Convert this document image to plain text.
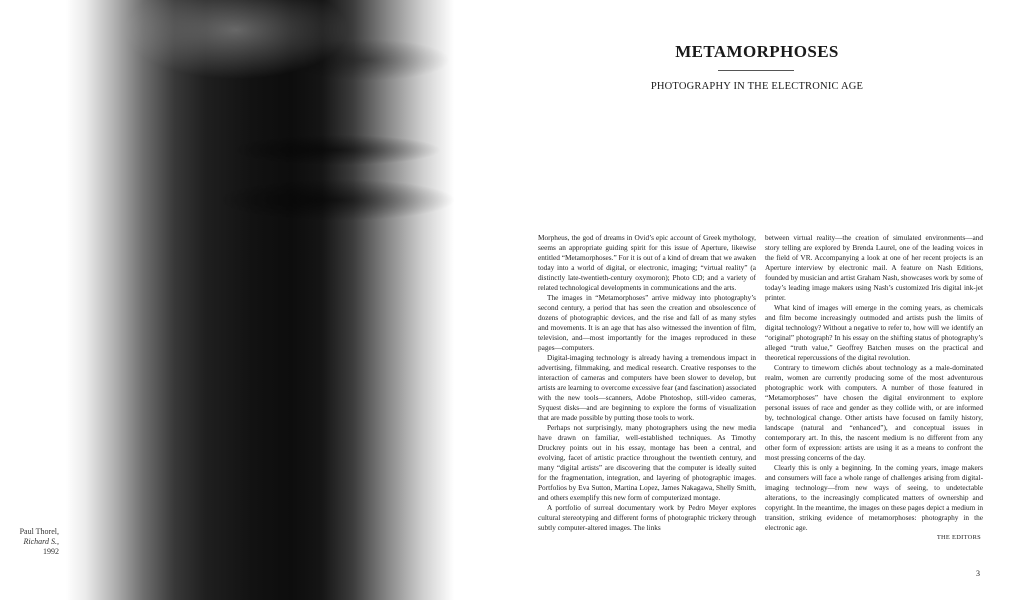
Paul Thorel,
Richard S.,
1992
METAMORPHOSES
PHOTOGRAPHY IN THE ELECTRONIC AGE

Morpheus, the god of dreams in Ovid’s epic account of Greek mythology, seems an appropriate guiding spirit for this issue of Aperture, likewise entitled “Metamorphoses.” For it is out of a kind of dream that we awaken today into a world of digital, or electronic, imaging; “virtual reality” (a distinctly late-twentieth-century oxymoron); Photo CD; and a variety of related technological developments in communications and the arts.

The images in “Metamorphoses” arrive midway into photography’s second century, a period that has seen the creation and obsolescence of dozens of photographic devices, and the rise and fall of as many styles and movements. It is an age that has also witnessed the invention of film, television, and—most importantly for the images reproduced in these pages—computers.

Digital-imaging technology is already having a tremendous impact in advertising, filmmaking, and medical research. Creative responses to the interaction of cameras and computers have been slower to develop, but artists are learning to overcome excessive fear (and fascination) associated with the new tools—scanners, Adobe Photoshop, still-video cameras, Syquest disks—and are beginning to explore the forms of visualization that are made possible by putting those tools to work.

Perhaps not surprisingly, many photographers using the new media have drawn on familiar, well-established techniques. As Timothy Druckrey points out in his essay, montage has been a central, and evolving, facet of artistic practice throughout the twentieth century, and many “digital artists” are discovering that the computer is ideally suited for the fragmentation, integration, and layering of photographic images. Portfolios by Eva Sutton, Martina Lopez, James Nakagawa, Shelly Smith, and others exemplify this new form of computerized montage.

A portfolio of surreal documentary work by Pedro Meyer explores cultural stereotyping and different forms of photographic trickery through subtly computer-altered images. The links

between virtual reality—the creation of simulated environments—and story telling are explored by Brenda Laurel, one of the leading voices in the field of VR. Accompanying a look at one of her recent projects is an Aperture interview by electronic mail. A feature on Nash Editions, founded by musician and artist Graham Nash, showcases work by some of today’s leading image makers using Nash’s customized Iris digital ink-jet printer.

What kind of images will emerge in the coming years, as chemicals and film become increasingly outmoded and artists push the limits of digital technology? Without a negative to refer to, how will we identify an “original” photograph? In his essay on the shifting status of photography’s alleged “truth value,” Geoffrey Batchen muses on the practical and theoretical repercussions of the digital revolution.

Contrary to timeworn clichés about technology as a male-dominated realm, women are currently producing some of the most adventurous photographic work with computers. A number of those featured in “Metamorphoses” have chosen the digital environment to explore personal issues of race and gender as they collide with, or are informed by, technological change. Other artists have focused on family history, landscape (natural and “enhanced”), and conceptual issues in contemporary art. In this, the nascent medium is no different from any other form of expression: artists are using it as a means to confront the most pressing concerns of the day.

Clearly this is only a beginning. In the coming years, image makers and consumers will face a whole range of challenges arising from digital-imaging technology—from new ways of seeing, to undetectable alterations, to the increasingly complicated matters of ownership and copyright. In the meantime, the images on these pages depict a medium in transition, striking evidence of metamorphoses: photography in the electronic age.

THE EDITORS
3
